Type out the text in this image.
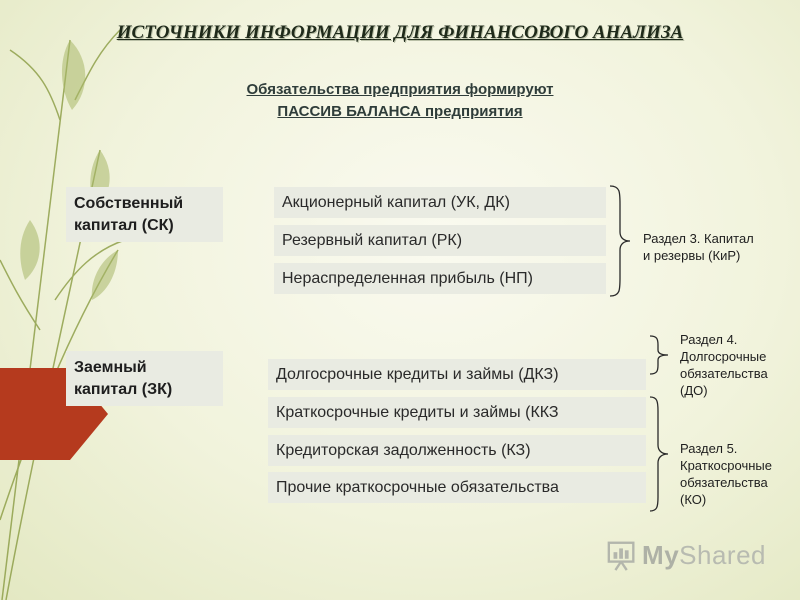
ИСТОЧНИКИ ИНФОРМАЦИИ ДЛЯ ФИНАНСОВОГО АНАЛИЗА
Обязательства предприятия формируют
ПАССИВ БАЛАНСА предприятия
Собственный
капитал (СК)
Акционерный капитал (УК, ДК)
Резервный капитал (РК)
Нераспределенная прибыль (НП)
Раздел 3. Капитал
и резервы (КиР)
Заемный
капитал (ЗК)
Долгосрочные кредиты и займы (ДКЗ)
Краткосрочные кредиты и займы (ККЗ
Кредиторская задолженность (КЗ)
Прочие краткосрочные обязательства
Раздел 4.
Долгосрочные
обязательства
(ДО)
Раздел 5.
Краткосрочные
обязательства
(КО)
MyShared
